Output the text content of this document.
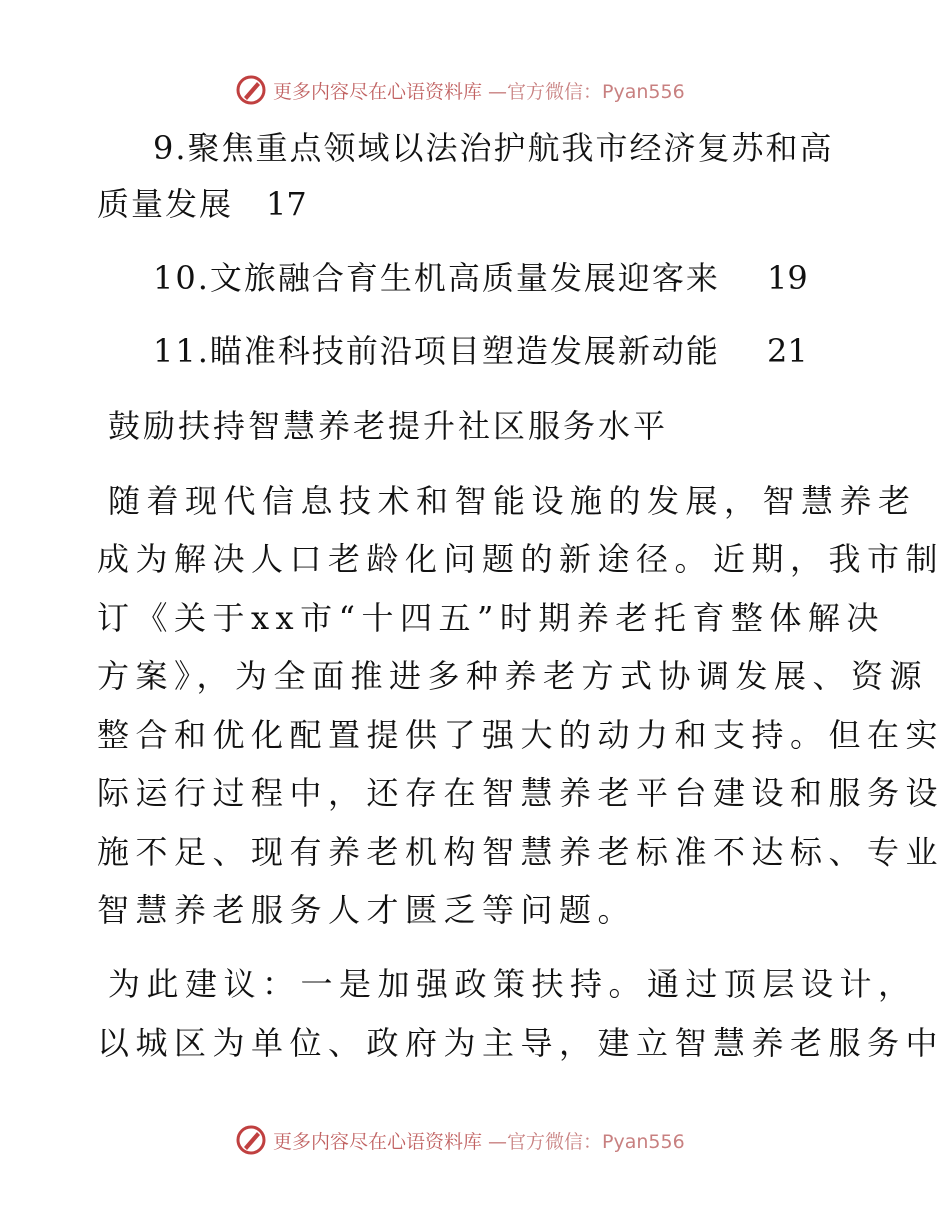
更多内容尽在心语资料库 —官方微信：Pyan556
9.聚焦重点领域以法治护航我市经济复苏和高
质量发展 17
10.文旅融合育生机高质量发展迎客来 19
11.瞄准科技前沿项目塑造发展新动能 21
鼓励扶持智慧养老提升社区服务水平
随着现代信息技术和智能设施的发展，智慧养老
成为解决人口老龄化问题的新途径。近期，我市制
订《关于xx市“十四五”时期养老托育整体解决
方案》，为全面推进多种养老方式协调发展、资源
整合和优化配置提供了强大的动力和支持。但在实
际运行过程中，还存在智慧养老平台建设和服务设
施不足、现有养老机构智慧养老标准不达标、专业
智慧养老服务人才匮乏等问题。
为此建议：一是加强政策扶持。通过顶层设计，
以城区为单位、政府为主导，建立智慧养老服务中
更多内容尽在心语资料库 —官方微信：Pyan556
